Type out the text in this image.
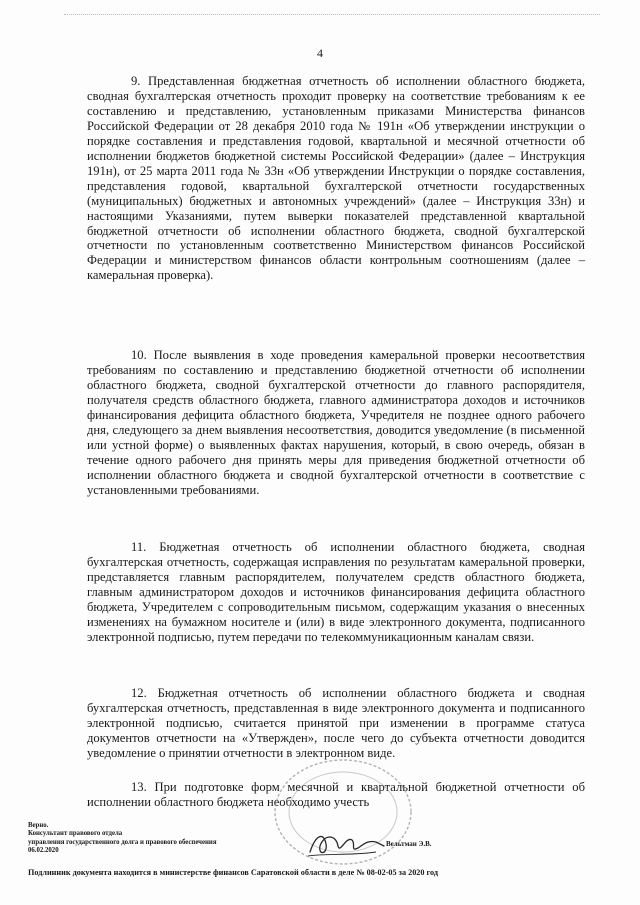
4

9. Представленная бюджетная отчетность об исполнении областного бюджета, сводная бухгалтерская отчетность проходит проверку на соответствие требованиям к ее составлению и представлению, установленным приказами Министерства финансов Российской Федерации от 28 декабря 2010 года № 191н «Об утверждении инструкции о порядке составления и представления годовой, квартальной и месячной отчетности об исполнении бюджетов бюджетной системы Российской Федерации» (далее – Инструкция 191н), от 25 марта 2011 года № 33н «Об утверждении Инструкции о порядке составления, представления годовой, квартальной бухгалтерской отчетности государственных (муниципальных) бюджетных и автономных учреждений» (далее – Инструкция 33н) и настоящими Указаниями, путем выверки показателей представленной квартальной бюджетной отчетности об исполнении областного бюджета, сводной бухгалтерской отчетности по установленным соответственно Министерством финансов Российской Федерации и министерством финансов области контрольным соотношениям (далее – камеральная проверка).

10. После выявления в ходе проведения камеральной проверки несоответствия требованиям по составлению и представлению бюджетной отчетности об исполнении областного бюджета, сводной бухгалтерской отчетности до главного распорядителя, получателя средств областного бюджета, главного администратора доходов и источников финансирования дефицита областного бюджета, Учредителя не позднее одного рабочего дня, следующего за днем выявления несоответствия, доводится уведомление (в письменной или устной форме) о выявленных фактах нарушения, который, в свою очередь, обязан в течение одного рабочего дня принять меры для приведения бюджетной отчетности об исполнении областного бюджета и сводной бухгалтерской отчетности в соответствие с установленными требованиями.

11. Бюджетная отчетность об исполнении областного бюджета, сводная бухгалтерская отчетность, содержащая исправления по результатам камеральной проверки, представляется главным распорядителем, получателем средств областного бюджета, главным администратором доходов и источников финансирования дефицита областного бюджета, Учредителем с сопроводительным письмом, содержащим указания о внесенных изменениях на бумажном носителе и (или) в виде электронного документа, подписанного электронной подписью, путем передачи по телекоммуникационным каналам связи.

12. Бюджетная отчетность об исполнении областного бюджета и сводная бухгалтерская отчетность, представленная в виде электронного документа и подписанного электронной подписью, считается принятой при изменении в программе статуса документов отчетности на «Утвержден», после чего до субъекта отчетности доводится уведомление о принятии отчетности в электронном виде.

13. При подготовке форм месячной и квартальной бюджетной отчетности об исполнении областного бюджета необходимо учесть

Верно.
Консультант правового отдела
управления государственного долга и правового обеспечения
06.02.2020
Вельтман Э.В.
Подлинник документа находится в министерстве финансов Саратовской области в деле № 08-02-05 за 2020 год
